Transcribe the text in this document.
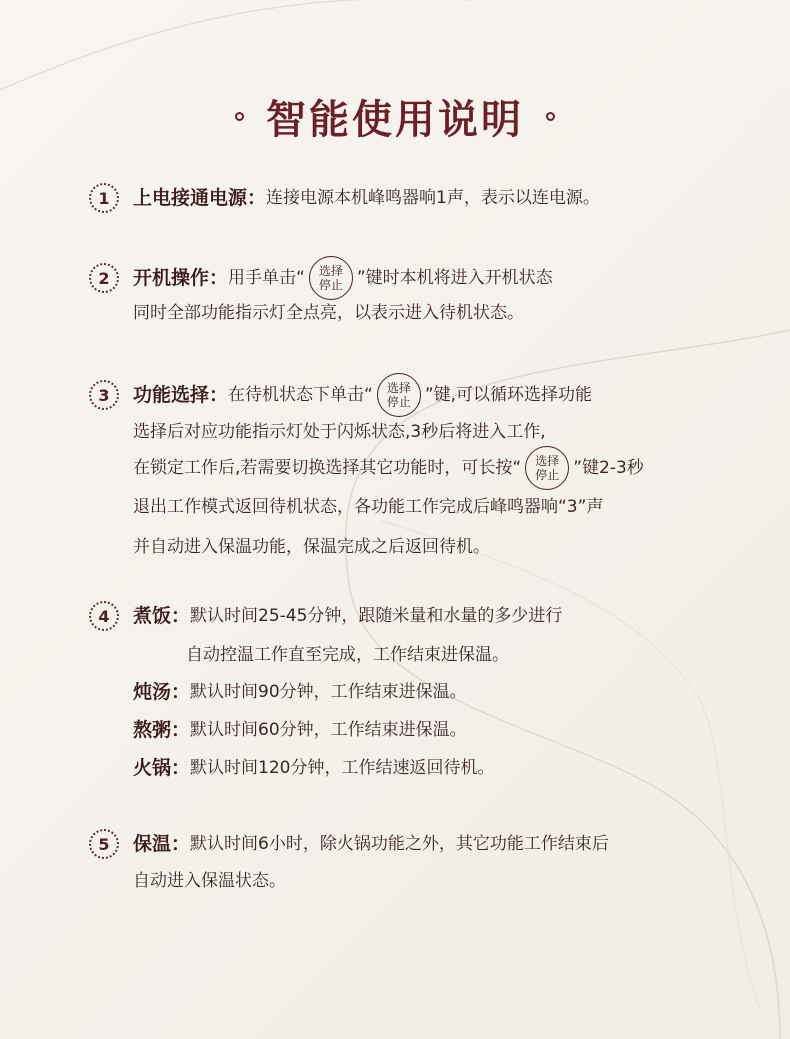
智能使用说明
1	上电接通电源： 连接电源本机峰鸣器响1声，表示以连电源。
2	开机操作： 用手单击“ 选择
停止 ”键时本机将进入开机状态
同时全部功能指示灯全点亮，以表示进入待机状态。
3	功能选择： 在待机状态下单击“ 选择
停止 ”键,可以循环选择功能
选择后对应功能指示灯处于闪烁状态,3秒后将进入工作,
在锁定工作后,若需要切换选择其它功能时，可长按“ 选择
停止 ”键2-3秒
退出工作模式返回待机状态，各功能工作完成后峰鸣器响“3”声
并自动进入保温功能，保温完成之后返回待机。
4	煮饭： 默认时间25-45分钟，跟随米量和水量的多少进行
自动控温工作直至完成，工作结束进保温。
炖汤： 默认时间90分钟，工作结束进保温。
熬粥： 默认时间60分钟，工作结束进保温。
火锅： 默认时间120分钟，工作结速返回待机。
5	保温： 默认时间6小时，除火锅功能之外，其它功能工作结束后
自动进入保温状态。
